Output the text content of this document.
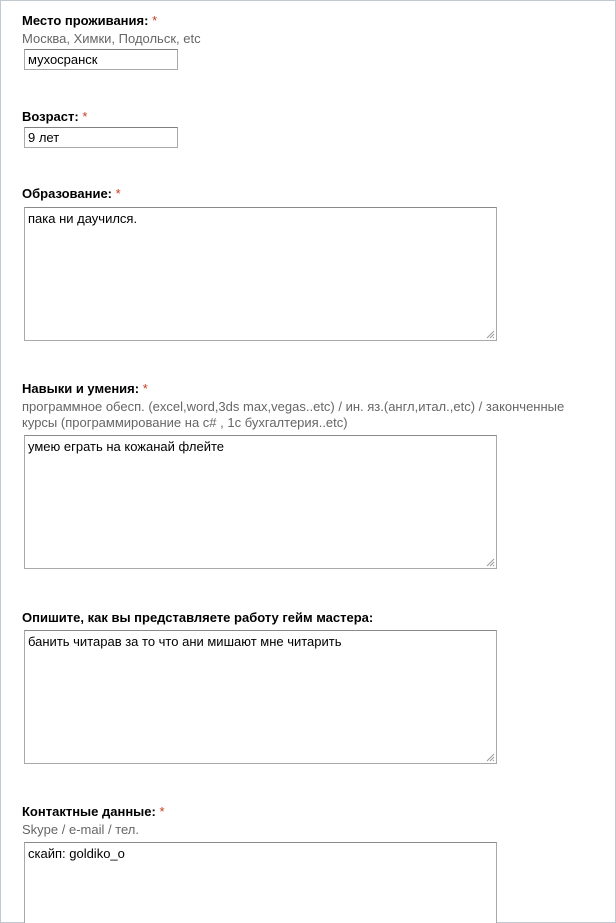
Место проживания: *
Москва, Химки, Подольск, etc
мухосранск
Возраст: *
9 лет
Образование: *
пака ни даучился.
Навыки и умения: *
программное обесп. (excel,word,3ds max,vegas..etc) / ин. яз.(англ,итал.,etc) / законченные курсы (программирование на с# , 1с бухгалтерия..etc)
умею еграть на кожанай флейте
Опишите, как вы представляете работу гейм мастера:
банить читарав за то что ани мишают мне читарить
Контактные данные: *
Skype / e-mail / тел.
скайп: goldiko_o
